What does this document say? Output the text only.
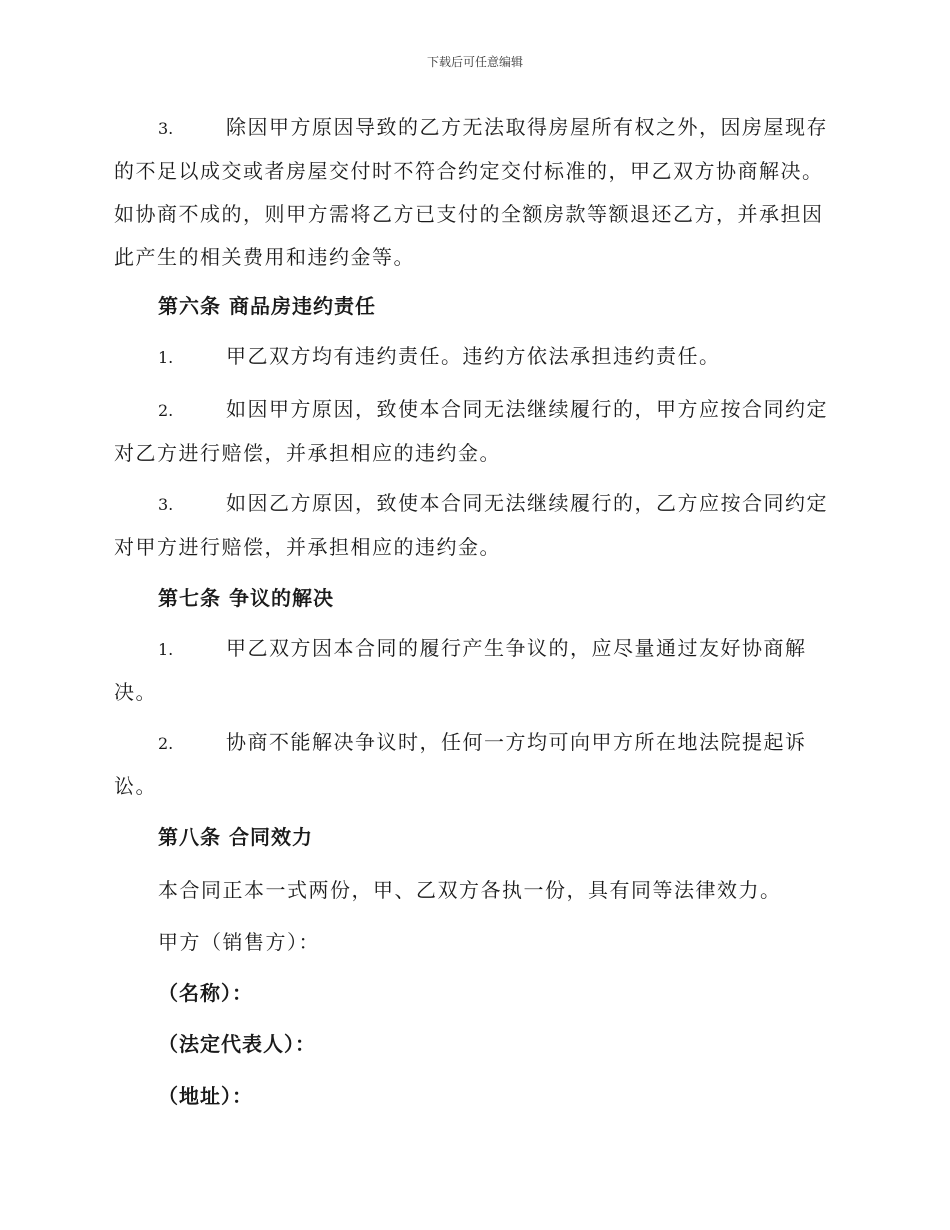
下载后可任意编辑
3.	除因甲方原因导致的乙方无法取得房屋所有权之外，因房屋现存的不足以成交或者房屋交付时不符合约定交付标准的，甲乙双方协商解决。如协商不成的，则甲方需将乙方已支付的全额房款等额退还乙方，并承担因此产生的相关费用和违约金等。
第六条 商品房违约责任
1.	甲乙双方均有违约责任。违约方依法承担违约责任。
2.	如因甲方原因，致使本合同无法继续履行的，甲方应按合同约定对乙方进行赔偿，并承担相应的违约金。
3.	如因乙方原因，致使本合同无法继续履行的，乙方应按合同约定对甲方进行赔偿，并承担相应的违约金。
第七条 争议的解决
1.	甲乙双方因本合同的履行产生争议的，应尽量通过友好协商解决。
2.	协商不能解决争议时，任何一方均可向甲方所在地法院提起诉讼。
第八条 合同效力
本合同正本一式两份，甲、乙双方各执一份，具有同等法律效力。
甲方（销售方）：
（名称）：
（法定代表人）：
（地址）：
